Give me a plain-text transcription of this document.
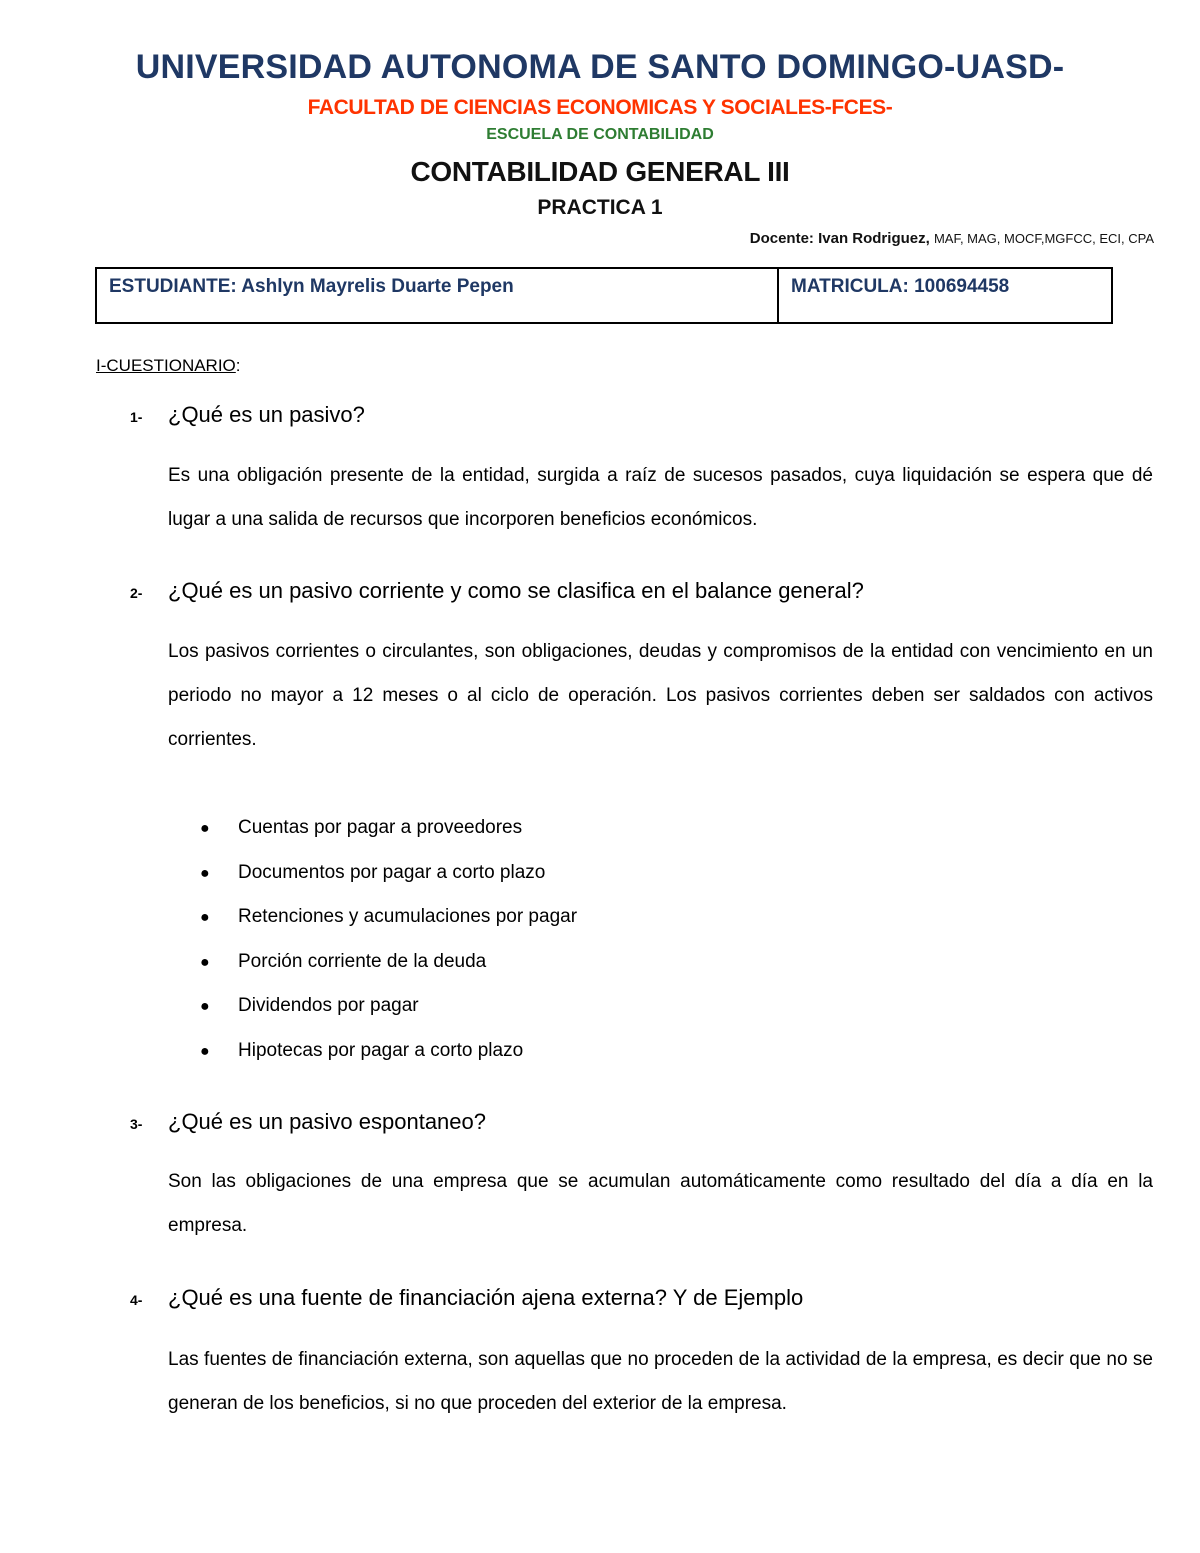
UNIVERSIDAD AUTONOMA DE SANTO DOMINGO-UASD-
FACULTAD DE CIENCIAS ECONOMICAS Y SOCIALES-FCES-
ESCUELA DE CONTABILIDAD
CONTABILIDAD GENERAL III
PRACTICA 1
Docente: Ivan Rodriguez, MAF, MAG, MOCF,MGFCC, ECI, CPA
ESTUDIANTE: Ashlyn Mayrelis Duarte Pepen	MATRICULA: 100694458
I-CUESTIONARIO:
1- ¿Qué es un pasivo?
Es una obligación presente de la entidad, surgida a raíz de sucesos pasados, cuya liquidación se espera que dé lugar a una salida de recursos que incorporen beneficios económicos.
2- ¿Qué es un pasivo corriente y como se clasifica en el balance general?
Los pasivos corrientes o circulantes, son obligaciones, deudas y compromisos de la entidad con vencimiento en un periodo no mayor a 12 meses o al ciclo de operación. Los pasivos corrientes deben ser saldados con activos corrientes.
● Cuentas por pagar a proveedores
● Documentos por pagar a corto plazo
● Retenciones y acumulaciones por pagar
● Porción corriente de la deuda
● Dividendos por pagar
● Hipotecas por pagar a corto plazo
3- ¿Qué es un pasivo espontaneo?
Son las obligaciones de una empresa que se acumulan automáticamente como resultado del día a día en la empresa.
4- ¿Qué es una fuente de financiación ajena externa? Y de Ejemplo
Las fuentes de financiación externa, son aquellas que no proceden de la actividad de la empresa, es decir que no se generan de los beneficios, si no que proceden del exterior de la empresa.
